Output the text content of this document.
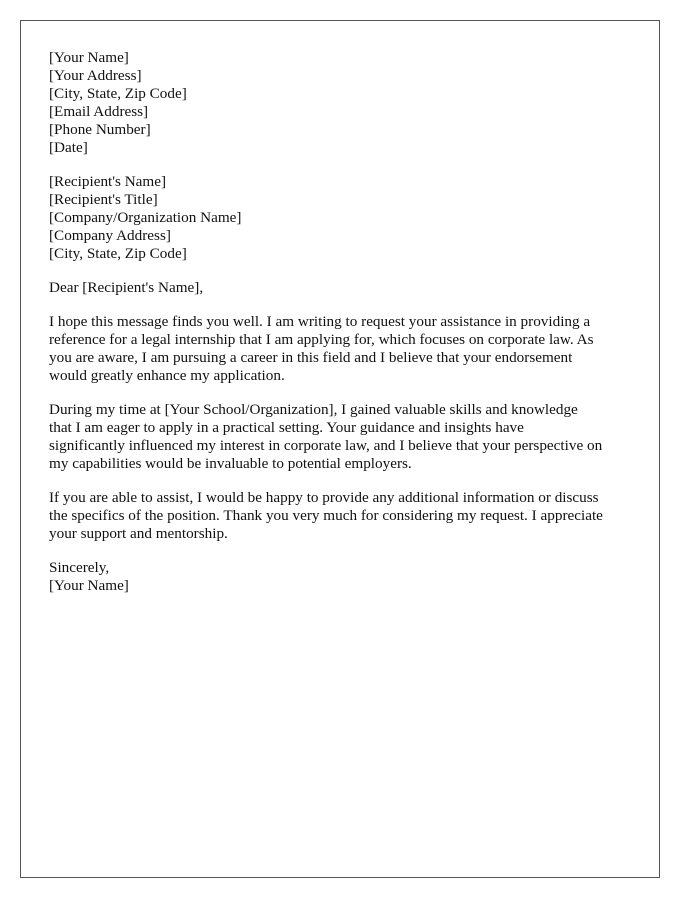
[Your Name]
[Your Address]
[City, State, Zip Code]
[Email Address]
[Phone Number]
[Date]
[Recipient's Name]
[Recipient's Title]
[Company/Organization Name]
[Company Address]
[City, State, Zip Code]
Dear [Recipient's Name],
I hope this message finds you well. I am writing to request your assistance in providing a
reference for a legal internship that I am applying for, which focuses on corporate law. As
you are aware, I am pursuing a career in this field and I believe that your endorsement
would greatly enhance my application.
During my time at [Your School/Organization], I gained valuable skills and knowledge
that I am eager to apply in a practical setting. Your guidance and insights have
significantly influenced my interest in corporate law, and I believe that your perspective on
my capabilities would be invaluable to potential employers.
If you are able to assist, I would be happy to provide any additional information or discuss
the specifics of the position. Thank you very much for considering my request. I appreciate
your support and mentorship.
Sincerely,
[Your Name]
